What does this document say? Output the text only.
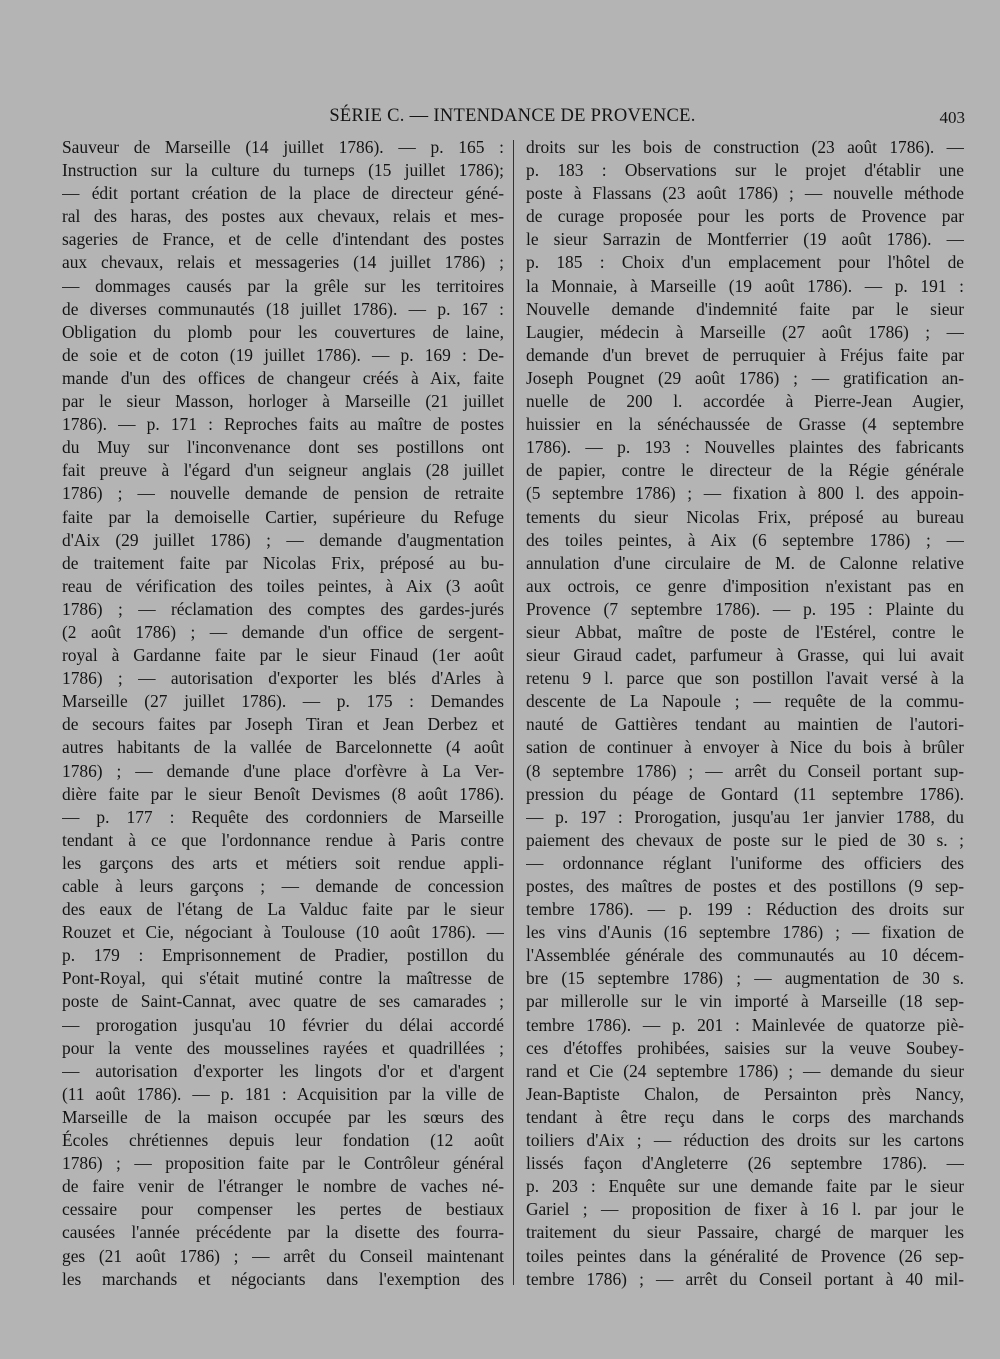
SÉRIE C. — INTENDANCE DE PROVENCE.	403
Sauveur de Marseille (14 juillet 1786). — p. 165 :
Instruction sur la culture du turneps (15 juillet 1786);
— édit portant création de la place de directeur géné-
ral des haras, des postes aux chevaux, relais et mes-
sageries de France, et de celle d'intendant des postes
aux chevaux, relais et messageries (14 juillet 1786) ;
— dommages causés par la grêle sur les territoires
de diverses communautés (18 juillet 1786). — p. 167 :
Obligation du plomb pour les couvertures de laine,
de soie et de coton (19 juillet 1786). — p. 169 : De-
mande d'un des offices de changeur créés à Aix, faite
par le sieur Masson, horloger à Marseille (21 juillet
1786). — p. 171 : Reproches faits au maître de postes
du Muy sur l'inconvenance dont ses postillons ont
fait preuve à l'égard d'un seigneur anglais (28 juillet
1786) ; — nouvelle demande de pension de retraite
faite par la demoiselle Cartier, supérieure du Refuge
d'Aix (29 juillet 1786) ; — demande d'augmentation
de traitement faite par Nicolas Frix, préposé au bu-
reau de vérification des toiles peintes, à Aix (3 août
1786) ; — réclamation des comptes des gardes-jurés
(2 août 1786) ; — demande d'un office de sergent-
royal à Gardanne faite par le sieur Finaud (1er août
1786) ; — autorisation d'exporter les blés d'Arles à
Marseille (27 juillet 1786). — p. 175 : Demandes
de secours faites par Joseph Tiran et Jean Derbez et
autres habitants de la vallée de Barcelonnette (4 août
1786) ; — demande d'une place d'orfèvre à La Ver-
dière faite par le sieur Benoît Devismes (8 août 1786).
— p. 177 : Requête des cordonniers de Marseille
tendant à ce que l'ordonnance rendue à Paris contre
les garçons des arts et métiers soit rendue appli-
cable à leurs garçons ; — demande de concession
des eaux de l'étang de La Valduc faite par le sieur
Rouzet et Cie, négociant à Toulouse (10 août 1786). —
p. 179 : Emprisonnement de Pradier, postillon du
Pont-Royal, qui s'était mutiné contre la maîtresse de
poste de Saint-Cannat, avec quatre de ses camarades ;
— prorogation jusqu'au 10 février du délai accordé
pour la vente des mousselines rayées et quadrillées ;
— autorisation d'exporter les lingots d'or et d'argent
(11 août 1786). — p. 181 : Acquisition par la ville de
Marseille de la maison occupée par les sœurs des
Écoles chrétiennes depuis leur fondation (12 août
1786) ; — proposition faite par le Contrôleur général
de faire venir de l'étranger le nombre de vaches né-
cessaire pour compenser les pertes de bestiaux
causées l'année précédente par la disette des fourra-
ges (21 août 1786) ; — arrêt du Conseil maintenant
les marchands et négociants dans l'exemption des
droits sur les bois de construction (23 août 1786). —
p. 183 : Observations sur le projet d'établir une
poste à Flassans (23 août 1786) ; — nouvelle méthode
de curage proposée pour les ports de Provence par
le sieur Sarrazin de Montferrier (19 août 1786). —
p. 185 : Choix d'un emplacement pour l'hôtel de
la Monnaie, à Marseille (19 août 1786). — p. 191 :
Nouvelle demande d'indemnité faite par le sieur
Laugier, médecin à Marseille (27 août 1786) ; —
demande d'un brevet de perruquier à Fréjus faite par
Joseph Pougnet (29 août 1786) ; — gratification an-
nuelle de 200 l. accordée à Pierre-Jean Augier,
huissier en la sénéchaussée de Grasse (4 septembre
1786). — p. 193 : Nouvelles plaintes des fabricants
de papier, contre le directeur de la Régie générale
(5 septembre 1786) ; — fixation à 800 l. des appoin-
tements du sieur Nicolas Frix, préposé au bureau
des toiles peintes, à Aix (6 septembre 1786) ; —
annulation d'une circulaire de M. de Calonne relative
aux octrois, ce genre d'imposition n'existant pas en
Provence (7 septembre 1786). — p. 195 : Plainte du
sieur Abbat, maître de poste de l'Estérel, contre le
sieur Giraud cadet, parfumeur à Grasse, qui lui avait
retenu 9 l. parce que son postillon l'avait versé à la
descente de La Napoule ; — requête de la commu-
nauté de Gattières tendant au maintien de l'autori-
sation de continuer à envoyer à Nice du bois à brûler
(8 septembre 1786) ; — arrêt du Conseil portant sup-
pression du péage de Gontard (11 septembre 1786).
— p. 197 : Prorogation, jusqu'au 1er janvier 1788, du
paiement des chevaux de poste sur le pied de 30 s. ;
— ordonnance réglant l'uniforme des officiers des
postes, des maîtres de postes et des postillons (9 sep-
tembre 1786). — p. 199 : Réduction des droits sur
les vins d'Aunis (16 septembre 1786) ; — fixation de
l'Assemblée générale des communautés au 10 décem-
bre (15 septembre 1786) ; — augmentation de 30 s.
par millerolle sur le vin importé à Marseille (18 sep-
tembre 1786). — p. 201 : Mainlevée de quatorze piè-
ces d'étoffes prohibées, saisies sur la veuve Soubey-
rand et Cie (24 septembre 1786) ; — demande du sieur
Jean-Baptiste Chalon, de Persainton près Nancy,
tendant à être reçu dans le corps des marchands
toiliers d'Aix ; — réduction des droits sur les cartons
lissés façon d'Angleterre (26 septembre 1786). —
p. 203 : Enquête sur une demande faite par le sieur
Gariel ; — proposition de fixer à 16 l. par jour le
traitement du sieur Passaire, chargé de marquer les
toiles peintes dans la généralité de Provence (26 sep-
tembre 1786) ; — arrêt du Conseil portant à 40 mil-
